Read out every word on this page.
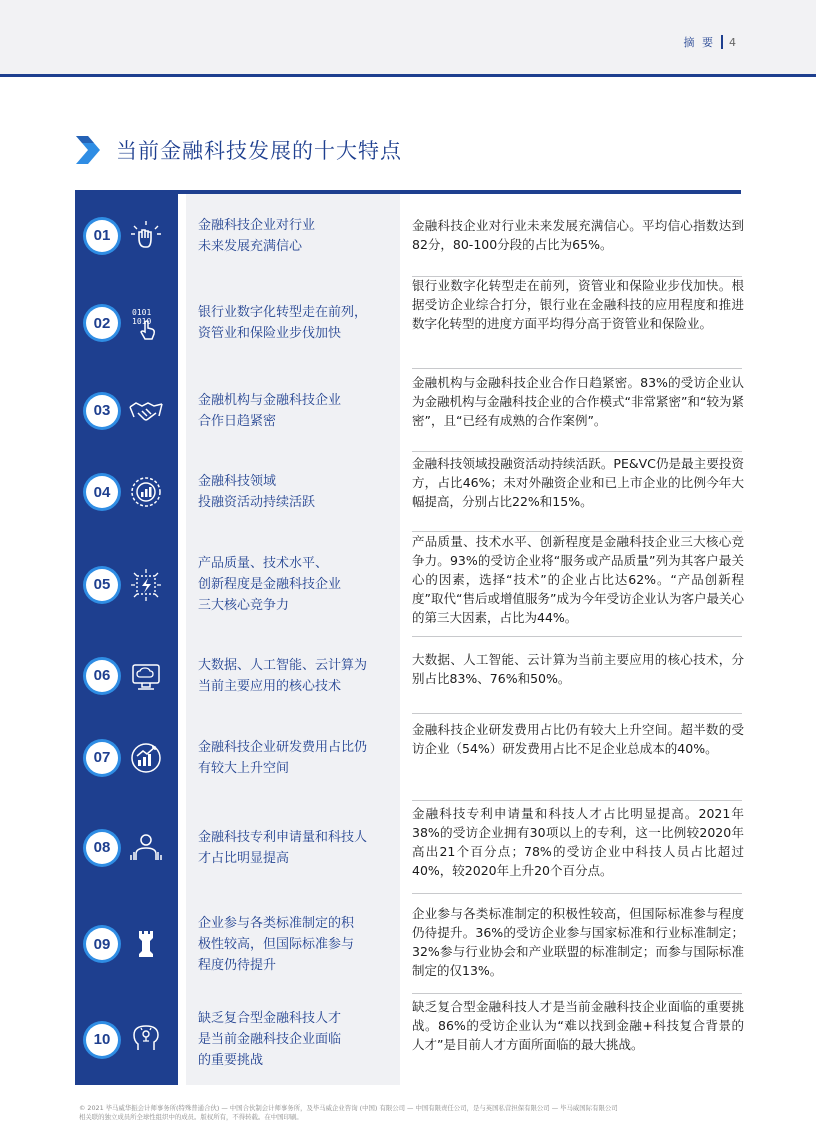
摘 要 4
当前金融科技发展的十大特点
01
金融科技企业对行业
未来发展充满信心
金融科技企业对行业未来发展充满信心。平均信心指数达到82分，80-100分段的占比为65%。
02
0101
1010
银行业数字化转型走在前列，
资管业和保险业步伐加快
银行业数字化转型走在前列，资管业和保险业步伐加快。根据受访企业综合打分，银行业在金融科技的应用程度和推进数字化转型的进度方面平均得分高于资管业和保险业。
03
金融机构与金融科技企业
合作日趋紧密
金融机构与金融科技企业合作日趋紧密。83%的受访企业认为金融机构与金融科技企业的合作模式“非常紧密”和“较为紧密”，且“已经有成熟的合作案例”。
04
金融科技领域
投融资活动持续活跃
金融科技领域投融资活动持续活跃。PE&VC仍是最主要投资方，占比46%；未对外融资企业和已上市企业的比例今年大幅提高，分别占比22%和15%。
05
产品质量、技术水平、
创新程度是金融科技企业
三大核心竞争力
产品质量、技术水平、创新程度是金融科技企业三大核心竞争力。93%的受访企业将“服务或产品质量”列为其客户最关心的因素，选择“技术”的企业占比达62%。“产品创新程度”取代“售后或增值服务”成为今年受访企业认为客户最关心的第三大因素，占比为44%。
06
大数据、人工智能、云计算为
当前主要应用的核心技术
大数据、人工智能、云计算为当前主要应用的核心技术，分别占比83%、76%和50%。
07
金融科技企业研发费用占比仍
有较大上升空间
金融科技企业研发费用占比仍有较大上升空间。超半数的受访企业（54%）研发费用占比不足企业总成本的40%。
08
金融科技专利申请量和科技人
才占比明显提高
金融科技专利申请量和科技人才占比明显提高。2021年38%的受访企业拥有30项以上的专利，这一比例较2020年高出21个百分点；78%的受访企业中科技人员占比超过40%，较2020年上升20个百分点。
09
企业参与各类标准制定的积
极性较高，但国际标准参与
程度仍待提升
企业参与各类标准制定的积极性较高，但国际标准参与程度仍待提升。36%的受访企业参与国家标准和行业标准制定；32%参与行业协会和产业联盟的标准制定；而参与国际标准制定的仅13%。
10
缺乏复合型金融科技人才
是当前金融科技企业面临
的重要挑战
缺乏复合型金融科技人才是当前金融科技企业面临的重要挑战。86%的受访企业认为“难以找到金融+科技复合背景的人才”是目前人才方面所面临的最大挑战。
© 2021 毕马威华振会计师事务所(特殊普通合伙) — 中国合伙制会计师事务所，及毕马威企业咨询 (中国) 有限公司 — 中国有限责任公司，是与英国私营担保有限公司 — 毕马威国际有限公司
相关联的独立成员所全球性组织中的成员。版权所有，不得转载。在中国印刷。
